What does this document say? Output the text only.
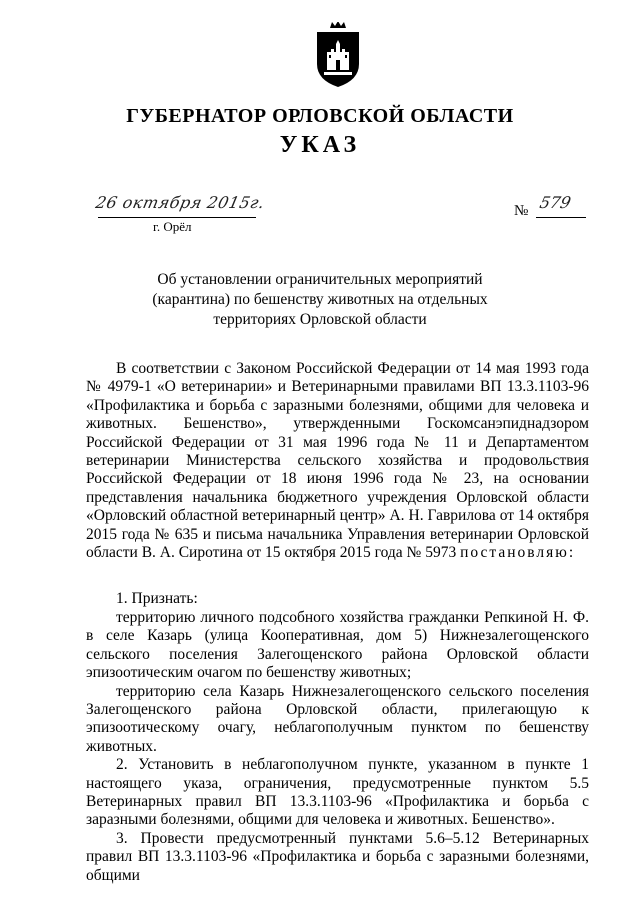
ГУБЕРНАТОР ОРЛОВСКОЙ ОБЛАСТИ
УКАЗ
26 октября 2015г.
г. Орёл
№ 579
Об установлении ограничительных мероприятий
(карантина) по бешенству животных на отдельных
территориях Орловской области

В соответствии с Законом Российской Федерации от 14 мая 1993 года № 4979-1 «О ветеринарии» и Ветеринарными правилами ВП 13.3.1103-96 «Профилактика и борьба с заразными болезнями, общими для человека и животных. Бешенство», утвержденными Госкомсанэпиднадзором Российской Федерации от 31 мая 1996 года № 11 и Департаментом ветеринарии Министерства сельского хозяйства и продовольствия Российской Федерации от 18 июня 1996 года № 23, на основании представления начальника бюджетного учреждения Орловской области «Орловский областной ветеринарный центр» А. Н. Гаврилова от 14 октября 2015 года № 635 и письма начальника Управления ветеринарии Орловской области В. А. Сиротина от 15 октября 2015 года № 5973 постановляю:

1. Признать:

территорию личного подсобного хозяйства гражданки Репкиной Н. Ф. в селе Казарь (улица Кооперативная, дом 5) Нижнезалегощенского сельского поселения Залегощенского района Орловской области эпизоотическим очагом по бешенству животных;

территорию села Казарь Нижнезалегощенского сельского поселения Залегощенского района Орловской области, прилегающую к эпизоотическому очагу, неблагополучным пунктом по бешенству животных.

2. Установить в неблагополучном пункте, указанном в пункте 1 настоящего указа, ограничения, предусмотренные пунктом 5.5 Ветеринарных правил ВП 13.3.1103-96 «Профилактика и борьба с заразными болезнями, общими для человека и животных. Бешенство».

3. Провести предусмотренный пунктами 5.6–5.12 Ветеринарных правил ВП 13.3.1103-96 «Профилактика и борьба с заразными болезнями, общими
